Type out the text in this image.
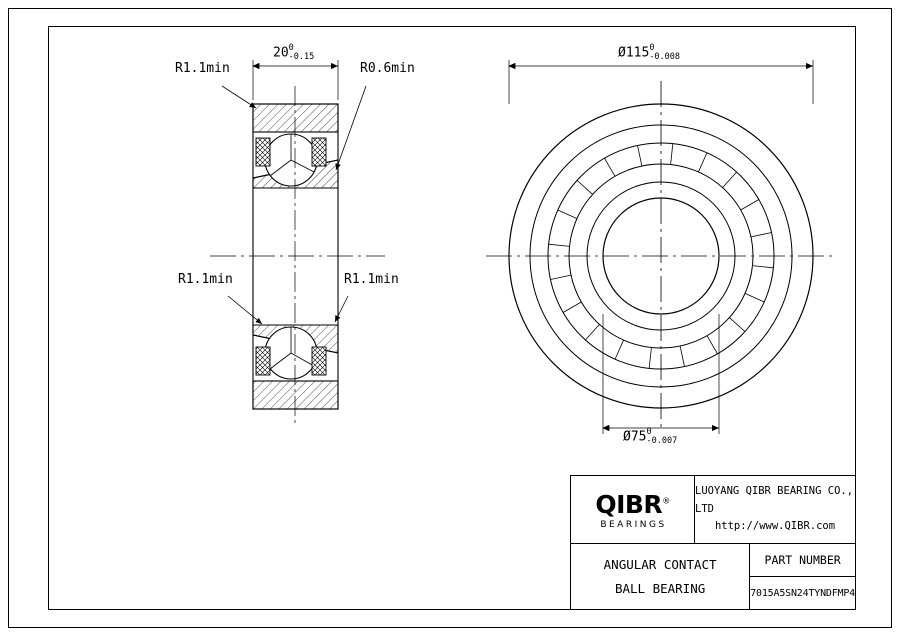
20 0
-0.15
R1.1min	R0.6min
R1.1min	R1.1min
Ø115 0
-0.008
Ø75 0
-0.007
QIBR®
BEARINGS
LUOYANG QIBR BEARING CO., LTD
http://www.QIBR.com
ANGULAR CONTACT
BALL BEARING
PART NUMBER
7015A5SN24TYNDFMP4
